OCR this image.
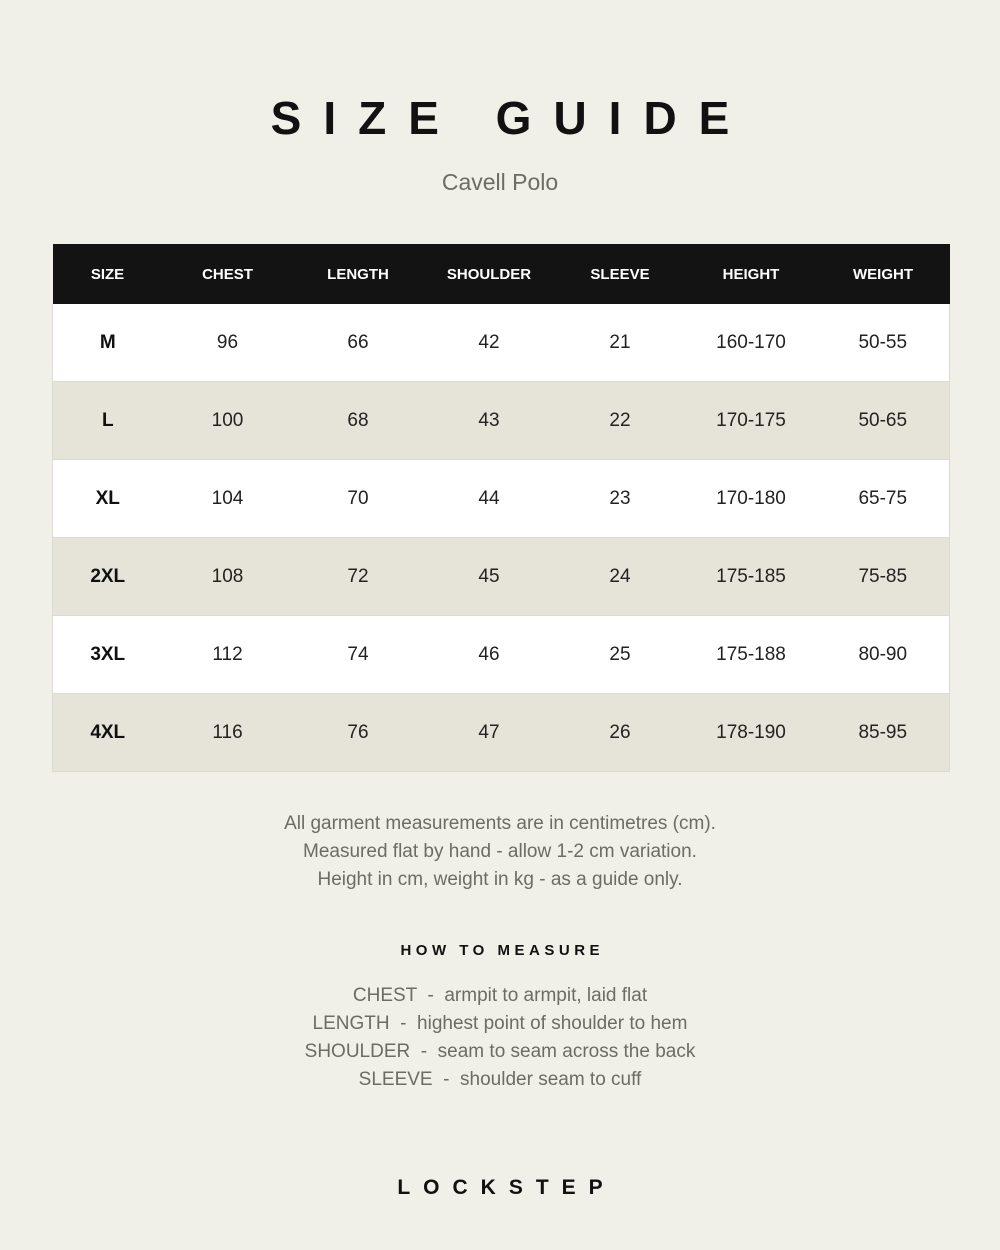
SIZE GUIDE
Cavell Polo
SIZE	CHEST	LENGTH	SHOULDER	SLEEVE	HEIGHT	WEIGHT
M	96	66	42	21	160-170	50-55
L	100	68	43	22	170-175	50-65
XL	104	70	44	23	170-180	65-75
2XL	108	72	45	24	175-185	75-85
3XL	112	74	46	25	175-188	80-90
4XL	116	76	47	26	178-190	85-95
All garment measurements are in centimetres (cm).
Measured flat by hand - allow 1-2 cm variation.
Height in cm, weight in kg - as a guide only.
HOW TO MEASURE
CHEST  -  armpit to armpit, laid flat
LENGTH  -  highest point of shoulder to hem
SHOULDER  -  seam to seam across the back
SLEEVE  -  shoulder seam to cuff
LOCKSTEP
